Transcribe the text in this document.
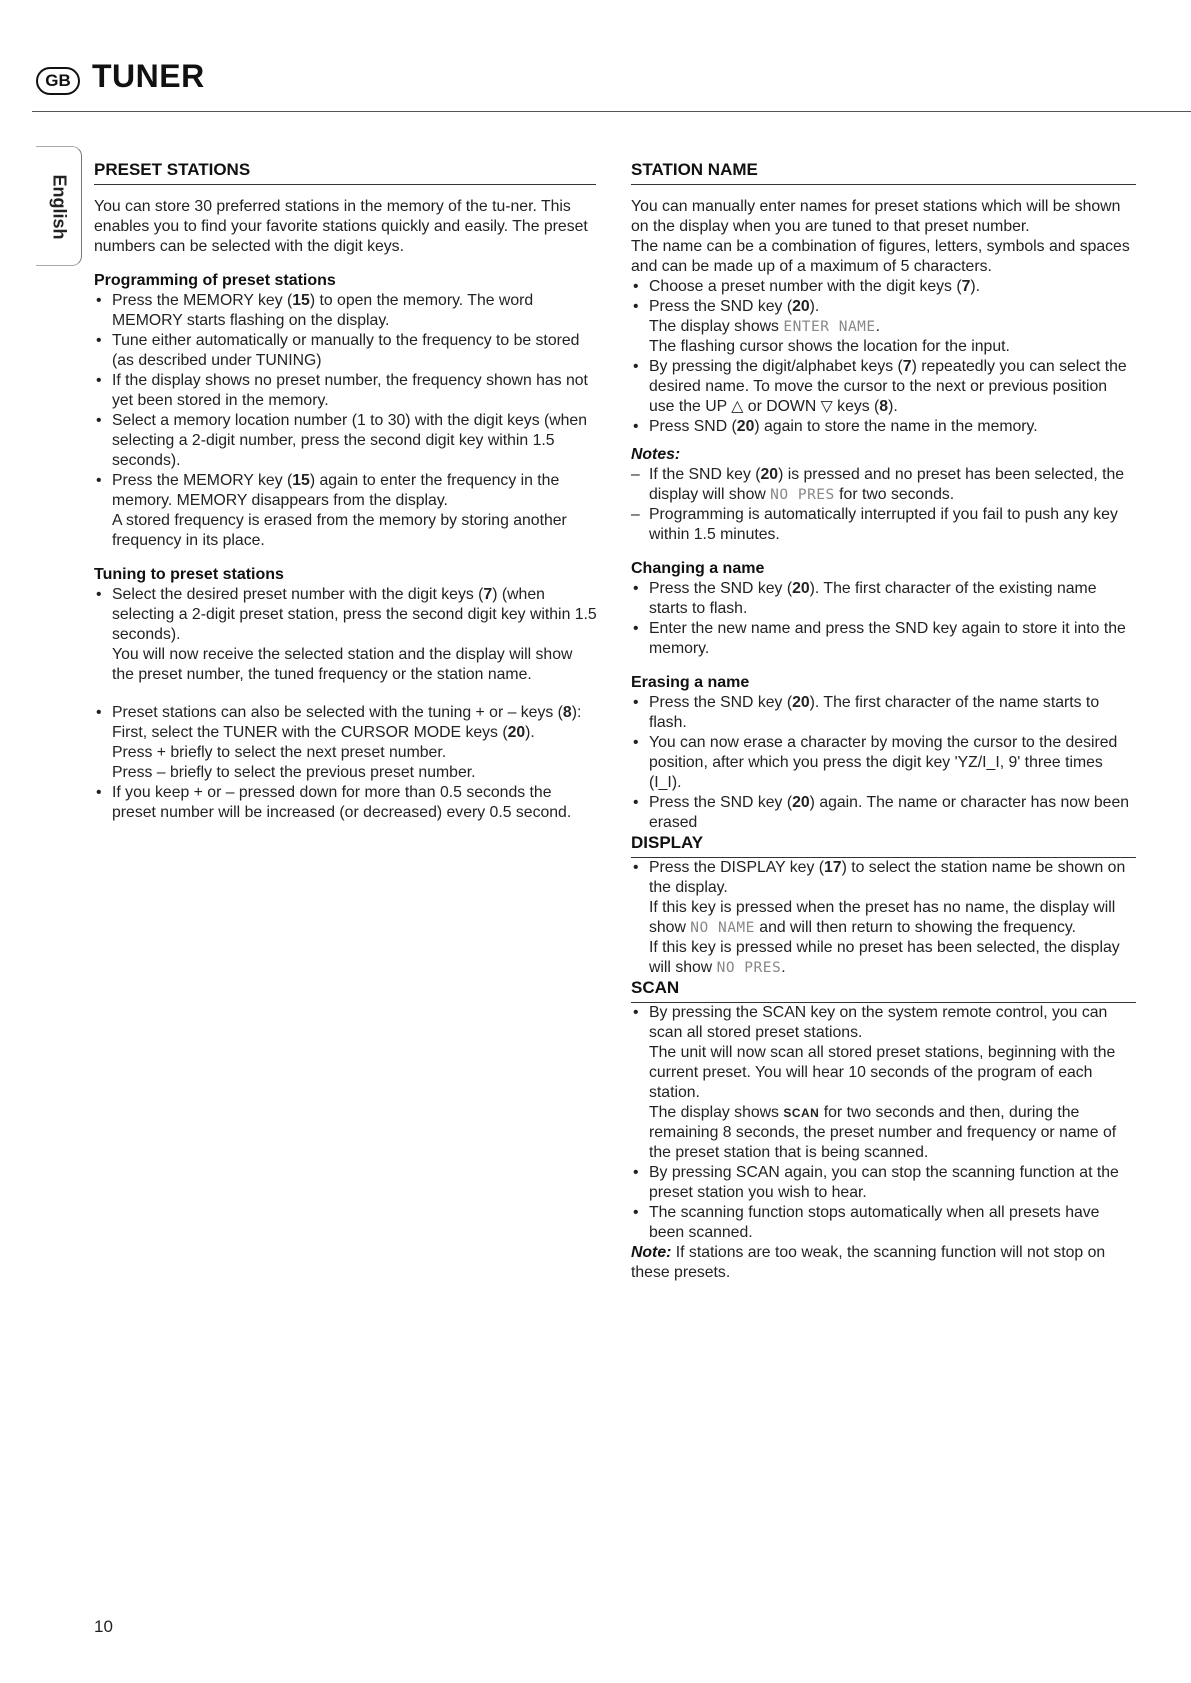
GB TUNER
English
PRESET STATIONS

You can store 30 preferred stations in the memory of the tu-ner. This enables you to find your favorite stations quickly and easily. The preset numbers can be selected with the digit keys.

Programming of preset stations
• Press the MEMORY key (15) to open the memory. The word MEMORY starts flashing on the display.
• Tune either automatically or manually to the frequency to be stored (as described under TUNING)
• If the display shows no preset number, the frequency shown has not yet been stored in the memory.
• Select a memory location number (1 to 30) with the digit keys (when selecting a 2-digit number, press the second digit key within 1.5 seconds).
• Press the MEMORY key (15) again to enter the frequency in the memory. MEMORY disappears from the display.
A stored frequency is erased from the memory by storing another frequency in its place.
Tuning to preset stations
• Select the desired preset number with the digit keys (7) (when selecting a 2-digit preset station, press the second digit key within 1.5 seconds).
You will now receive the selected station and the display will show the preset number, the tuned frequency or the station name.
• Preset stations can also be selected with the tuning + or – keys (8):
First, select the TUNER with the CURSOR MODE keys (20).
Press + briefly to select the next preset number.
Press – briefly to select the previous preset number.
• If you keep + or – pressed down for more than 0.5 seconds the preset number will be increased (or decreased) every 0.5 second.
STATION NAME

You can manually enter names for preset stations which will be shown on the display when you are tuned to that preset number.

The name can be a combination of figures, letters, symbols and spaces and can be made up of a maximum of 5 characters.

• Choose a preset number with the digit keys (7).
• Press the SND key (20).
The display shows ENTER NAME.
The flashing cursor shows the location for the input.
• By pressing the digit/alphabet keys (7) repeatedly you can select the desired name. To move the cursor to the next or previous position use the UP △ or DOWN ▽ keys (8).
• Press SND (20) again to store the name in the memory.

Notes:

– If the SND key (20) is pressed and no preset has been selected, the display will show NO PRES for two seconds.
– Programming is automatically interrupted if you fail to push any key within 1.5 minutes.
Changing a name
• Press the SND key (20). The first character of the existing name starts to flash.
• Enter the new name and press the SND key again to store it into the memory.
Erasing a name
• Press the SND key (20). The first character of the name starts to flash.
• You can now erase a character by moving the cursor to the desired position, after which you press the digit key 'YZ/I_I, 9' three times (I_I).
• Press the SND key (20) again. The name or character has now been erased
DISPLAY
• Press the DISPLAY key (17) to select the station name be shown on the display.
If this key is pressed when the preset has no name, the display will show NO NAME and will then return to showing the frequency.
If this key is pressed while no preset has been selected, the display will show NO PRES.
SCAN
• By pressing the SCAN key on the system remote control, you can scan all stored preset stations.
The unit will now scan all stored preset stations, beginning with the current preset. You will hear 10 seconds of the program of each station.
The display shows SCAN for two seconds and then, during the remaining 8 seconds, the preset number and frequency or name of the preset station that is being scanned.
• By pressing SCAN again, you can stop the scanning function at the preset station you wish to hear.
• The scanning function stops automatically when all presets have been scanned.

Note: If stations are too weak, the scanning function will not stop on these presets.

10
